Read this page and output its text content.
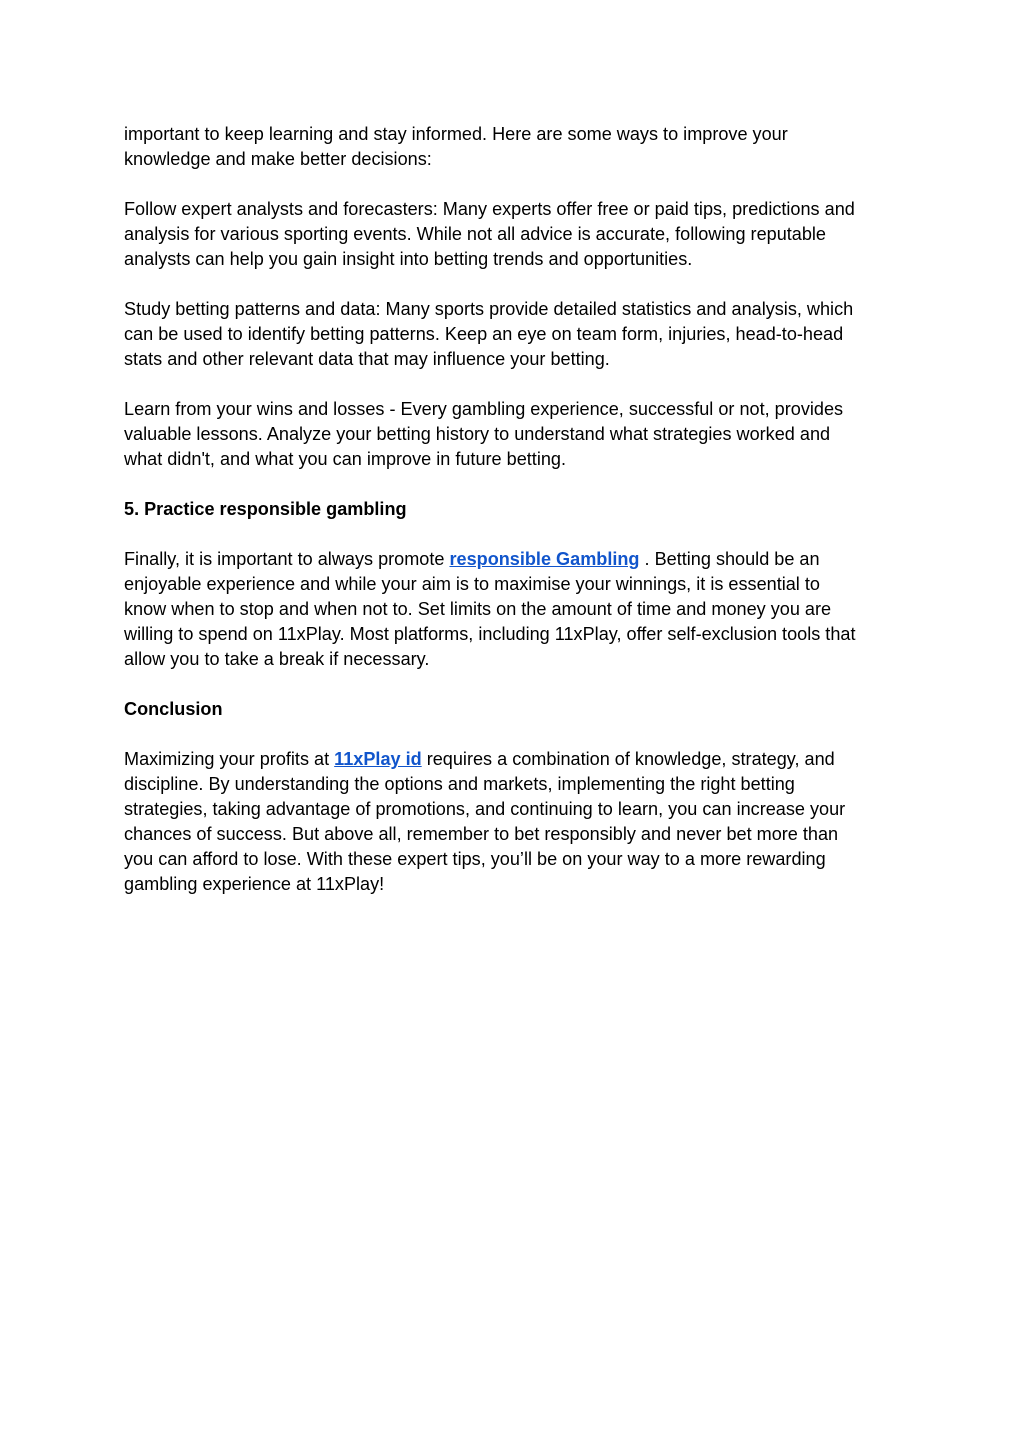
important to keep learning and stay informed. Here are some ways to improve your
knowledge and make better decisions:

Follow expert analysts and forecasters: Many experts offer free or paid tips, predictions and
analysis for various sporting events. While not all advice is accurate, following reputable
analysts can help you gain insight into betting trends and opportunities.

Study betting patterns and data: Many sports provide detailed statistics and analysis, which
can be used to identify betting patterns. Keep an eye on team form, injuries, head-to-head
stats and other relevant data that may influence your betting.

Learn from your wins and losses - Every gambling experience, successful or not, provides
valuable lessons. Analyze your betting history to understand what strategies worked and
what didn't, and what you can improve in future betting.

5. Practice responsible gambling

Finally, it is important to always promote responsible Gambling . Betting should be an
enjoyable experience and while your aim is to maximise your winnings, it is essential to
know when to stop and when not to. Set limits on the amount of time and money you are
willing to spend on 11xPlay. Most platforms, including 11xPlay, offer self-exclusion tools that
allow you to take a break if necessary.

Conclusion

Maximizing your profits at 11xPlay id requires a combination of knowledge, strategy, and
discipline. By understanding the options and markets, implementing the right betting
strategies, taking advantage of promotions, and continuing to learn, you can increase your
chances of success. But above all, remember to bet responsibly and never bet more than
you can afford to lose. With these expert tips, you’ll be on your way to a more rewarding
gambling experience at 11xPlay!
